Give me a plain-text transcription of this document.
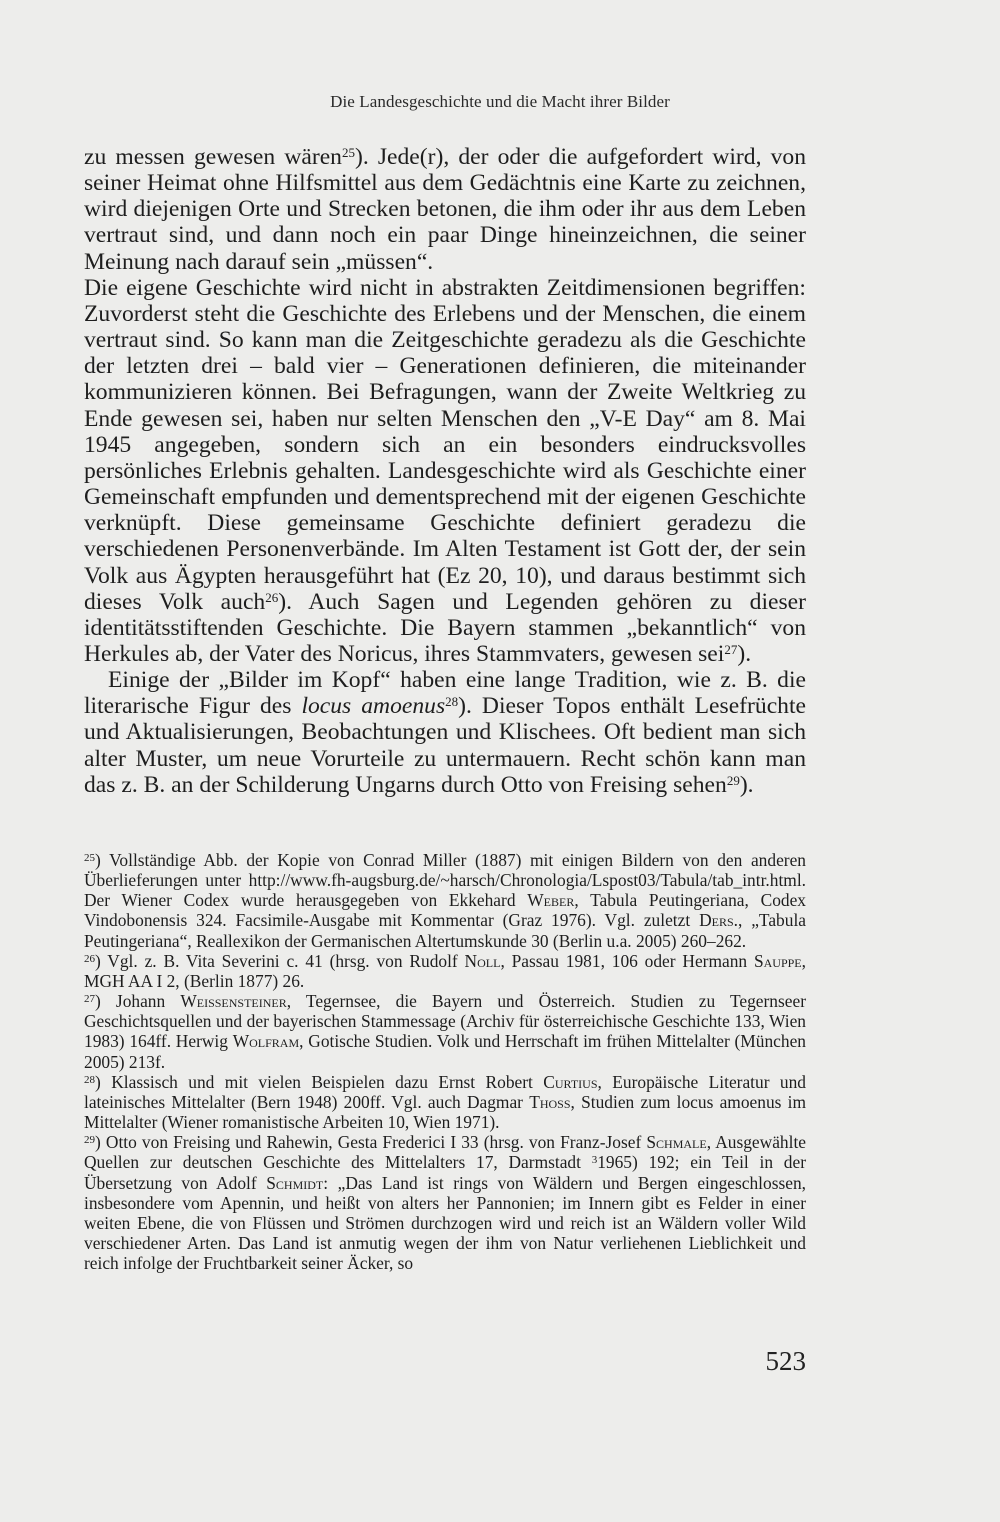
Die Landesgeschichte und die Macht ihrer Bilder

zu messen gewesen wären$^{25}$). Jede(r), der oder die aufgefordert wird, von seiner Heimat ohne Hilfsmittel aus dem Gedächtnis eine Karte zu zeichnen, wird diejenigen Orte und Strecken betonen, die ihm oder ihr aus dem Leben vertraut sind, und dann noch ein paar Dinge hineinzeichnen, die seiner Meinung nach darauf sein „müssen“.

Die eigene Geschichte wird nicht in abstrakten Zeitdimensionen begriffen: Zuvorderst steht die Geschichte des Erlebens und der Menschen, die einem vertraut sind. So kann man die Zeitgeschichte geradezu als die Geschichte der letzten drei – bald vier – Generationen definieren, die miteinander kommunizieren können. Bei Befragungen, wann der Zweite Weltkrieg zu Ende gewesen sei, haben nur selten Menschen den „V-E Day“ am 8. Mai 1945 angegeben, sondern sich an ein besonders eindrucksvolles persönliches Erlebnis gehalten. Landesgeschichte wird als Geschichte einer Gemeinschaft empfunden und dementsprechend mit der eigenen Geschichte verknüpft. Diese gemeinsame Geschichte definiert geradezu die verschiedenen Personenverbände. Im Alten Testament ist Gott der, der sein Volk aus Ägypten herausgeführt hat (Ez 20, 10), und daraus bestimmt sich dieses Volk auch$^{26}$). Auch Sagen und Legenden gehören zu dieser identitätsstiftenden Geschichte. Die Bayern stammen „bekanntlich“ von Herkules ab, der Vater des Noricus, ihres Stammvaters, gewesen sei$^{27}$).

Einige der „Bilder im Kopf“ haben eine lange Tradition, wie z. B. die literarische Figur des locus amoenus$^{28}$). Dieser Topos enthält Lesefrüchte und Aktualisierungen, Beobachtungen und Klischees. Oft bedient man sich alter Muster, um neue Vorurteile zu untermauern. Recht schön kann man das z. B. an der Schilderung Ungarns durch Otto von Freising sehen$^{29}$).

$^{25}$) Vollständige Abb. der Kopie von Conrad Miller (1887) mit einigen Bildern von den anderen Überlieferungen unter http://www.fh-augsburg.de/~harsch/Chronologia/Lspost03/Tabula/tab_intr.html. Der Wiener Codex wurde herausgegeben von Ekkehard Weber, Tabula Peutingeriana, Codex Vindobonensis 324. Facsimile-Ausgabe mit Kommentar (Graz 1976). Vgl. zuletzt Ders., „Tabula Peutingeriana“, Reallexikon der Germanischen Altertumskunde 30 (Berlin u.a. 2005) 260–262.

$^{26}$) Vgl. z. B. Vita Severini c. 41 (hrsg. von Rudolf Noll, Passau 1981, 106 oder Hermann Sauppe, MGH AA I 2, (Berlin 1877) 26.

$^{27}$) Johann Weissensteiner, Tegernsee, die Bayern und Österreich. Studien zu Tegernseer Geschichtsquellen und der bayerischen Stammessage (Archiv für österreichische Geschichte 133, Wien 1983) 164ff. Herwig Wolfram, Gotische Studien. Volk und Herrschaft im frühen Mittelalter (München 2005) 213f.

$^{28}$) Klassisch und mit vielen Beispielen dazu Ernst Robert Curtius, Europäische Literatur und lateinisches Mittelalter (Bern 1948) 200ff. Vgl. auch Dagmar Thoss, Studien zum locus amoenus im Mittelalter (Wiener romanistische Arbeiten 10, Wien 1971).

$^{29}$) Otto von Freising und Rahewin, Gesta Frederici I 33 (hrsg. von Franz-Josef Schmale, Ausgewählte Quellen zur deutschen Geschichte des Mittelalters 17, Darmstadt $^3$1965) 192; ein Teil in der Übersetzung von Adolf Schmidt: „Das Land ist rings von Wäldern und Bergen eingeschlossen, insbesondere vom Apennin, und heißt von alters her Pannonien; im Innern gibt es Felder in einer weiten Ebene, die von Flüssen und Strömen durchzogen wird und reich ist an Wäldern voller Wild verschiedener Arten. Das Land ist anmutig wegen der ihm von Natur verliehenen Lieblichkeit und reich infolge der Fruchtbarkeit seiner Äcker, so

523
